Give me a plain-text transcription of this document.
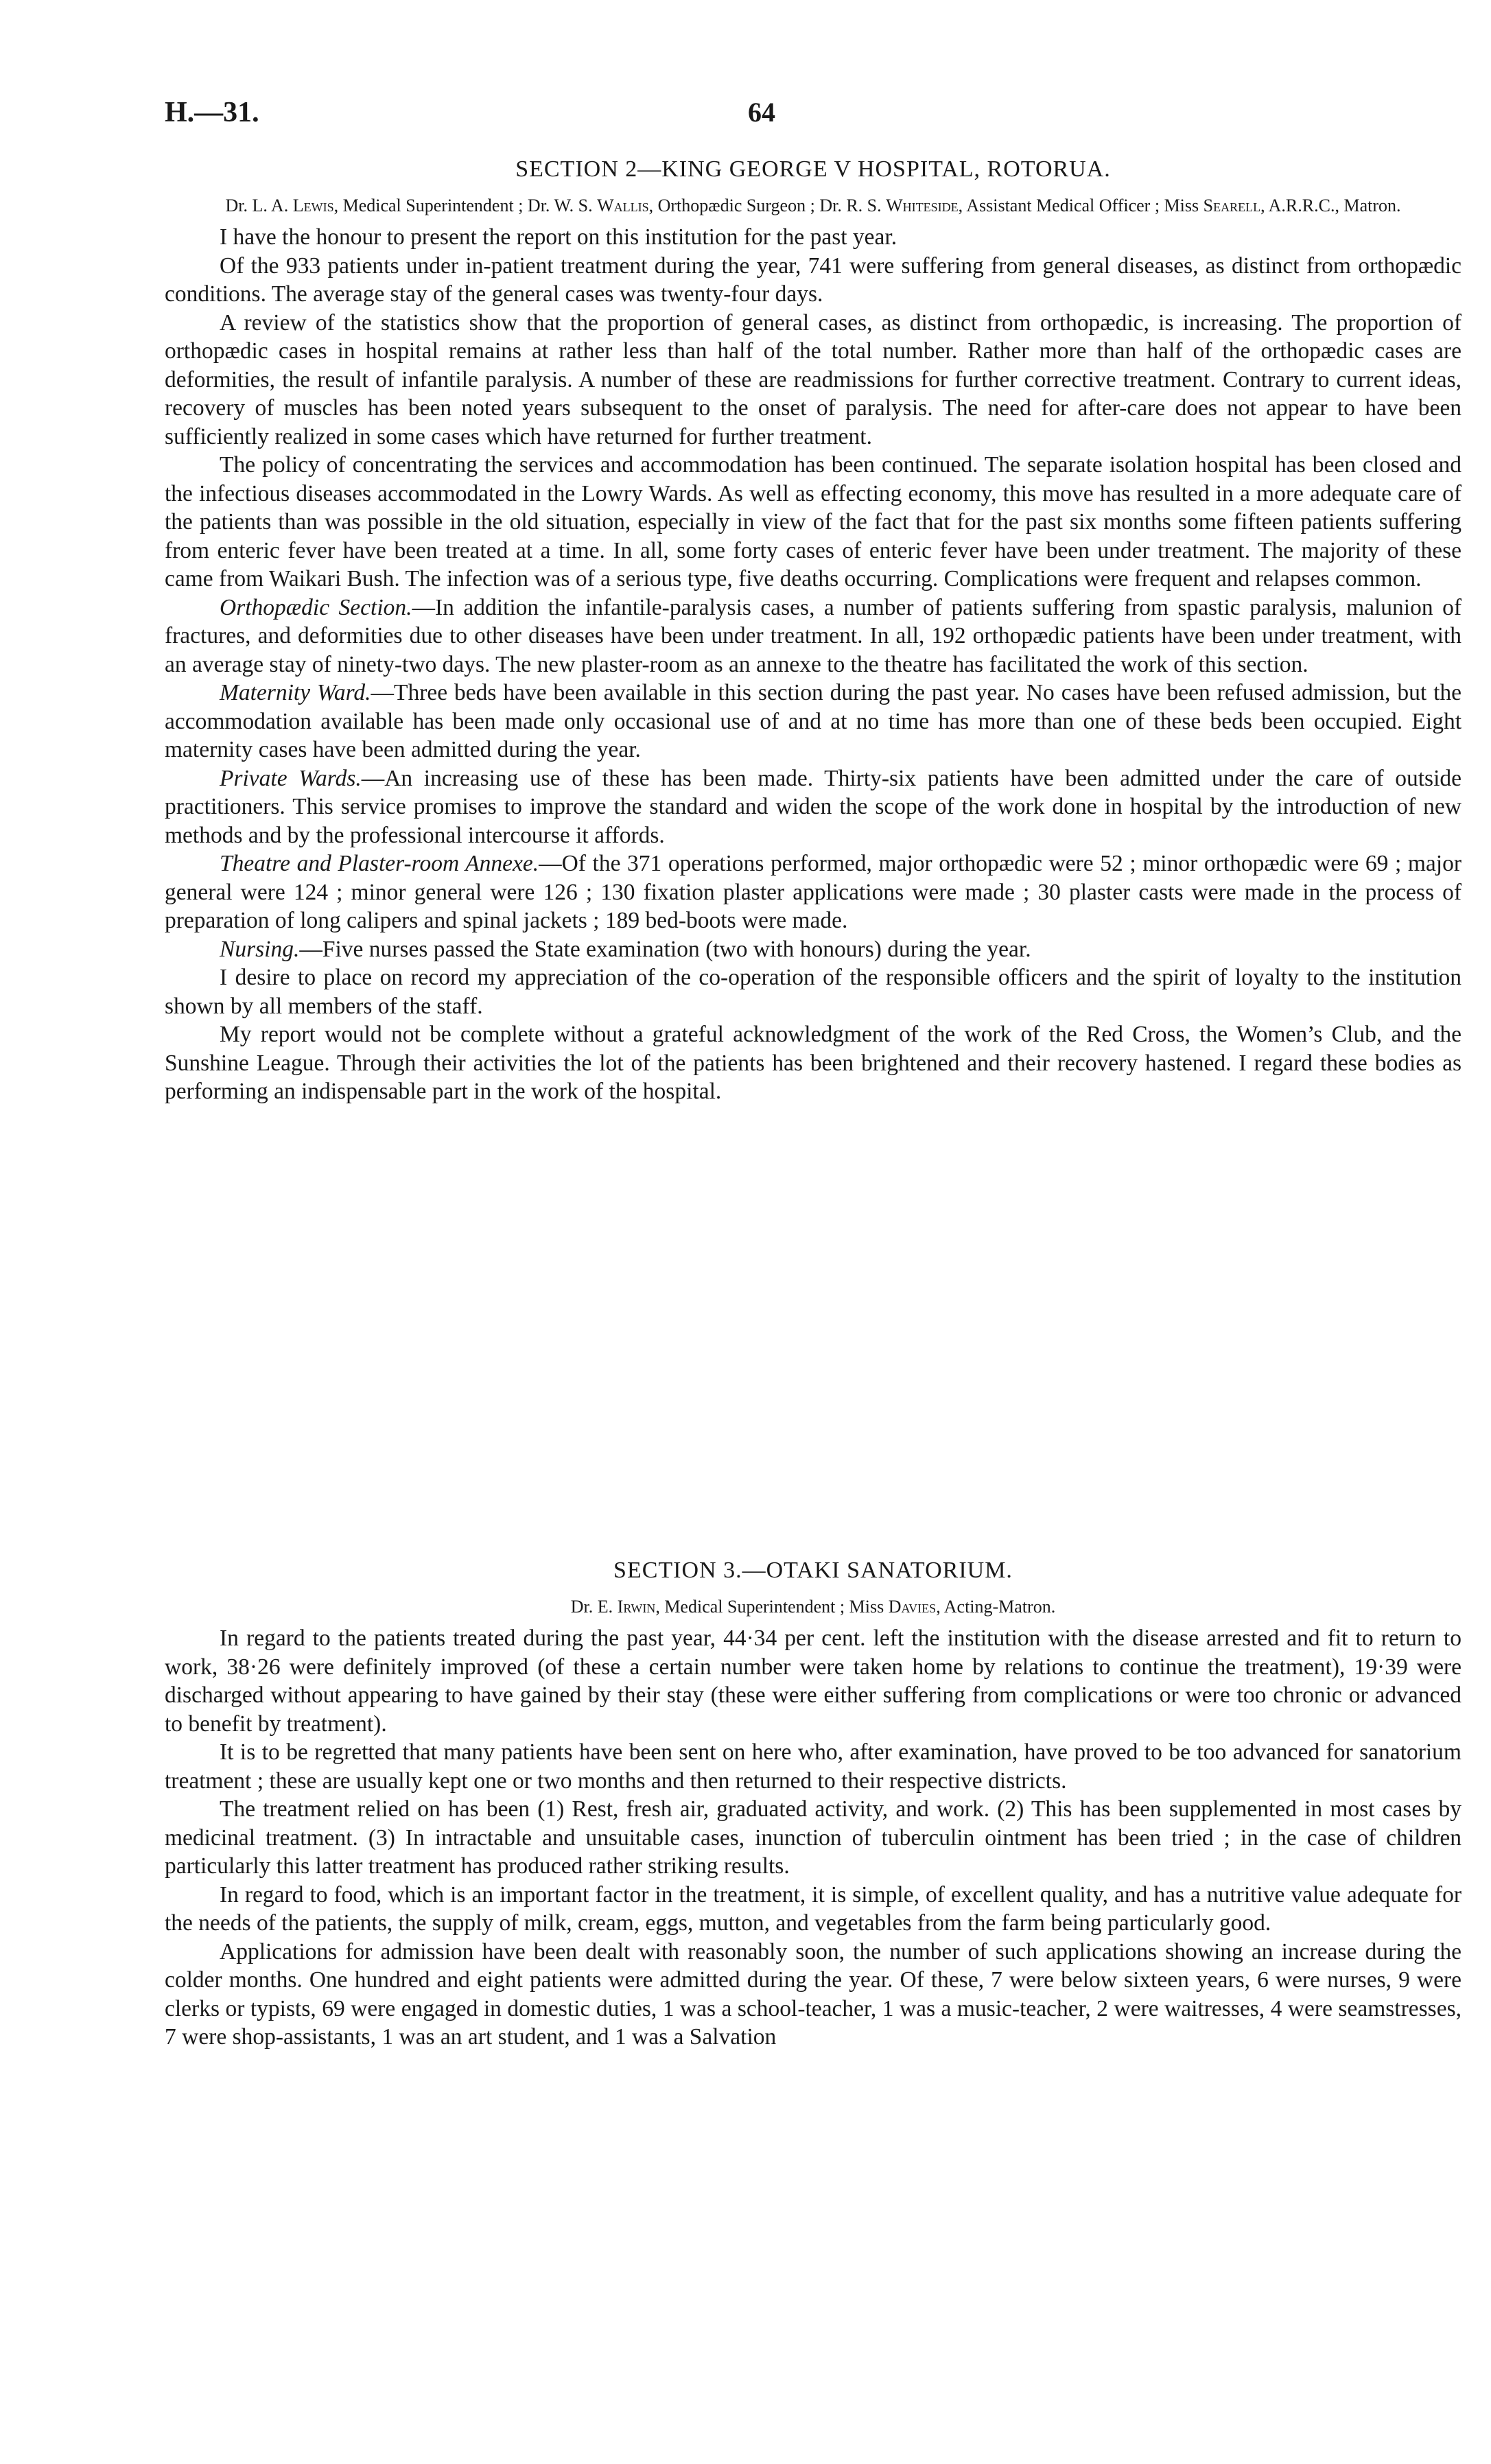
H.—31.	64
SECTION 2—KING GEORGE V HOSPITAL, ROTORUA.
Dr. L. A. Lewis, Medical Superintendent ; Dr. W. S. Wallis, Orthopædic Surgeon ; Dr. R. S. Whiteside, Assistant Medical Officer ; Miss Searell, A.R.R.C., Matron.

I have the honour to present the report on this institution for the past year.

Of the 933 patients under in-patient treatment during the year, 741 were suffering from general diseases, as distinct from orthopædic conditions. The average stay of the general cases was twenty-four days.

A review of the statistics show that the proportion of general cases, as distinct from orthopædic, is increasing. The proportion of orthopædic cases in hospital remains at rather less than half of the total number. Rather more than half of the orthopædic cases are deformities, the result of infantile paralysis. A number of these are readmissions for further corrective treatment. Contrary to current ideas, recovery of muscles has been noted years subsequent to the onset of paralysis. The need for after-care does not appear to have been sufficiently realized in some cases which have returned for further treatment.

The policy of concentrating the services and accommodation has been continued. The separate isolation hospital has been closed and the infectious diseases accommodated in the Lowry Wards. As well as effecting economy, this move has resulted in a more adequate care of the patients than was possible in the old situation, especially in view of the fact that for the past six months some fifteen patients suffering from enteric fever have been treated at a time. In all, some forty cases of enteric fever have been under treatment. The majority of these came from Waikari Bush. The infection was of a serious type, five deaths occurring. Complications were frequent and relapses common.

Orthopædic Section.—In addition the infantile-paralysis cases, a number of patients suffering from spastic paralysis, malunion of fractures, and deformities due to other diseases have been under treatment. In all, 192 orthopædic patients have been under treatment, with an average stay of ninety-two days. The new plaster-room as an annexe to the theatre has facilitated the work of this section.

Maternity Ward.—Three beds have been available in this section during the past year. No cases have been refused admission, but the accommodation available has been made only occasional use of and at no time has more than one of these beds been occupied. Eight maternity cases have been admitted during the year.

Private Wards.—An increasing use of these has been made. Thirty-six patients have been admitted under the care of outside practitioners. This service promises to improve the standard and widen the scope of the work done in hospital by the introduction of new methods and by the professional intercourse it affords.

Theatre and Plaster-room Annexe.—Of the 371 operations performed, major orthopædic were 52 ; minor orthopædic were 69 ; major general were 124 ; minor general were 126 ; 130 fixation plaster applications were made ; 30 plaster casts were made in the process of preparation of long calipers and spinal jackets ; 189 bed-boots were made.

Nursing.—Five nurses passed the State examination (two with honours) during the year.

I desire to place on record my appreciation of the co-operation of the responsible officers and the spirit of loyalty to the institution shown by all members of the staff.

My report would not be complete without a grateful acknowledgment of the work of the Red Cross, the Women’s Club, and the Sunshine League. Through their activities the lot of the patients has been brightened and their recovery hastened. I regard these bodies as performing an indispensable part in the work of the hospital.

SECTION 3.—OTAKI SANATORIUM.
Dr. E. Irwin, Medical Superintendent ; Miss Davies, Acting-Matron.

In regard to the patients treated during the past year, 44·34 per cent. left the institution with the disease arrested and fit to return to work, 38·26 were definitely improved (of these a certain number were taken home by relations to continue the treatment), 19·39 were discharged without appearing to have gained by their stay (these were either suffering from complications or were too chronic or advanced to benefit by treatment).

It is to be regretted that many patients have been sent on here who, after examination, have proved to be too advanced for sanatorium treatment ; these are usually kept one or two months and then returned to their respective districts.

The treatment relied on has been (1) Rest, fresh air, graduated activity, and work. (2) This has been supplemented in most cases by medicinal treatment. (3) In intractable and unsuitable cases, inunction of tuberculin ointment has been tried ; in the case of children particularly this latter treatment has produced rather striking results.

In regard to food, which is an important factor in the treatment, it is simple, of excellent quality, and has a nutritive value adequate for the needs of the patients, the supply of milk, cream, eggs, mutton, and vegetables from the farm being particularly good.

Applications for admission have been dealt with reasonably soon, the number of such applications showing an increase during the colder months. One hundred and eight patients were admitted during the year. Of these, 7 were below sixteen years, 6 were nurses, 9 were clerks or typists, 69 were engaged in domestic duties, 1 was a school-teacher, 1 was a music-teacher, 2 were waitresses, 4 were seamstresses, 7 were shop-assistants, 1 was an art student, and 1 was a Salvation
